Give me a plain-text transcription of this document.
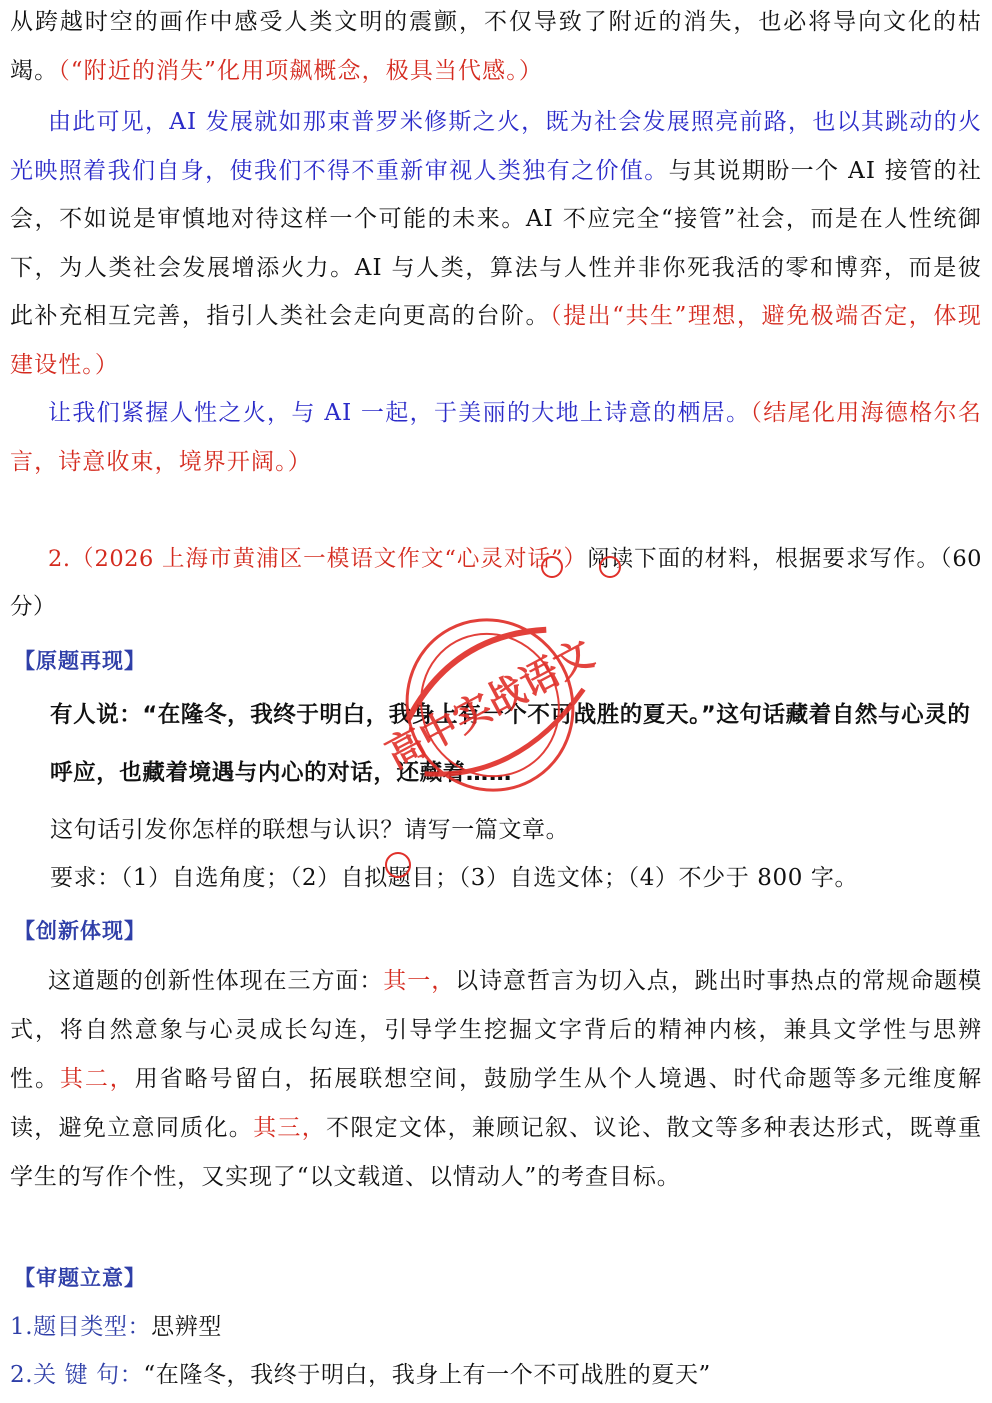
从跨越时空的画作中感受人类文明的震颤，不仅导致了附近的消失，也必将导向文化的枯竭。（“附近的消失”化用项飙概念，极具当代感。）

由此可见，AI 发展就如那束普罗米修斯之火，既为社会发展照亮前路，也以其跳动的火光映照着我们自身，使我们不得不重新审视人类独有之价值。与其说期盼一个 AI 接管的社会，不如说是审慎地对待这样一个可能的未来。AI 不应完全“接管”社会，而是在人性统御下，为人类社会发展增添火力。AI 与人类，算法与人性并非你死我活的零和博弈，而是彼此补充相互完善，指引人类社会走向更高的台阶。（提出“共生”理想，避免极端否定，体现建设性。）

让我们紧握人性之火，与 AI 一起，于美丽的大地上诗意的栖居。（结尾化用海德格尔名言，诗意收束，境界开阔。）

2.（2026 上海市黄浦区一模语文作文“心灵对话”）阅读下面的材料，根据要求写作。（60 分）

【原题再现】

有人说：“在隆冬，我终于明白，我身上有一个不可战胜的夏天。”这句话藏着自然与心灵的呼应，也藏着境遇与内心的对话，还藏着……

这句话引发你怎样的联想与认识？请写一篇文章。

要求：（1）自选角度；（2）自拟题目；（3）自选文体；（4）不少于 800 字。

【创新体现】

这道题的创新性体现在三方面：其一，以诗意哲言为切入点，跳出时事热点的常规命题模式，将自然意象与心灵成长勾连，引导学生挖掘文字背后的精神内核，兼具文学性与思辨性。其二，用省略号留白，拓展联想空间，鼓励学生从个人境遇、时代命题等多元维度解读，避免立意同质化。其三，不限定文体，兼顾记叙、议论、散文等多种表达形式，既尊重学生的写作个性，又实现了“以文载道、以情动人”的考查目标。

【审题立意】
1.题目类型：思辨型
2.关 键 句：“在隆冬，我终于明白，我身上有一个不可战胜的夏天”
高中实战语文
